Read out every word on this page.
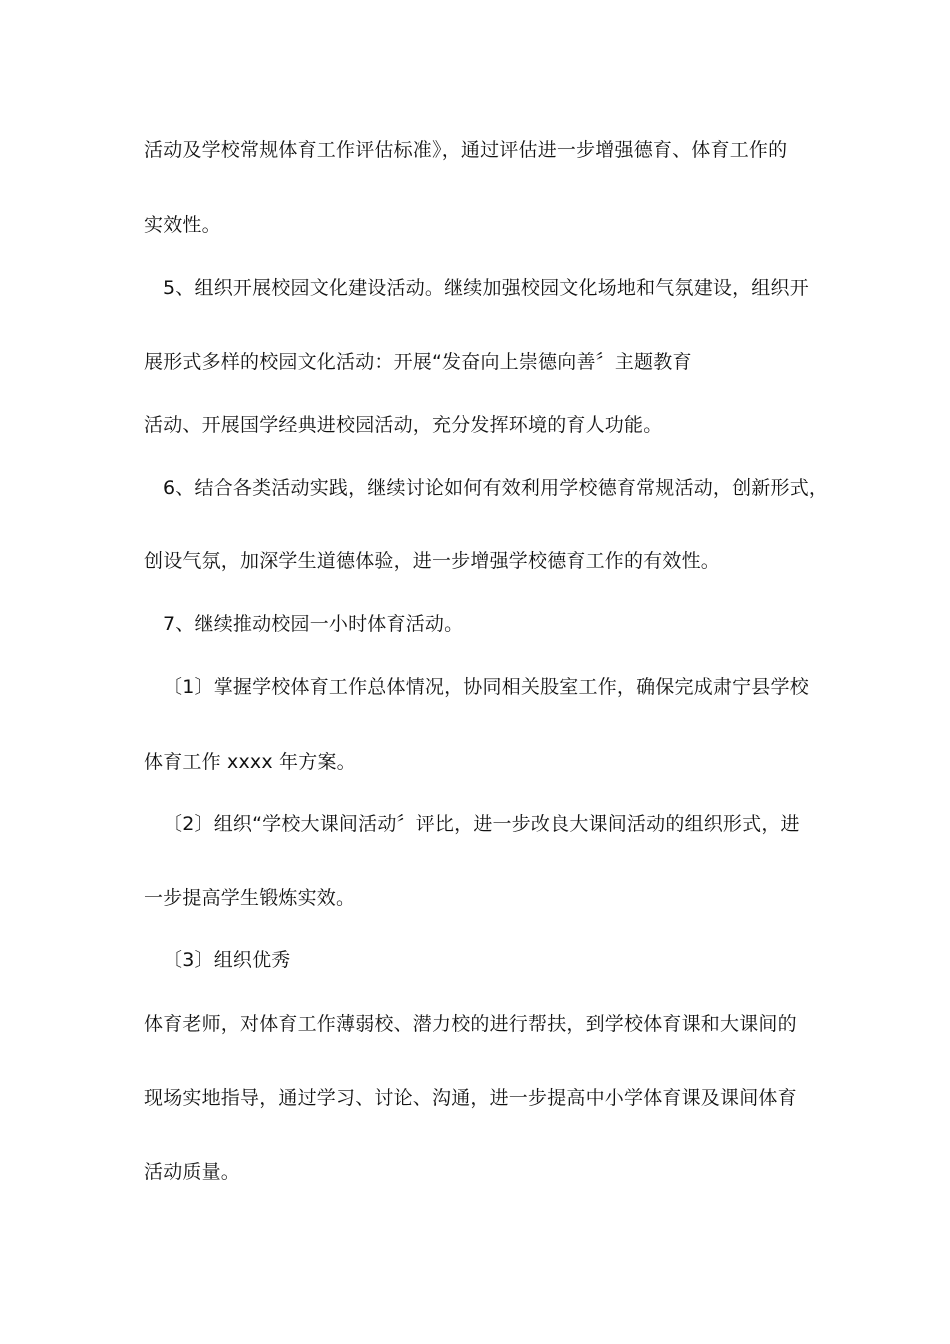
活动及学校常规体育工作评估标准》，通过评估进一步增强德育、体育工作的
实效性。
5、组织开展校园文化建设活动。继续加强校园文化场地和气氛建设，组织开
展形式多样的校园文化活动：开展“发奋向上崇德向善〞主题教育
活动、开展国学经典进校园活动，充分发挥环境的育人功能。
6、结合各类活动实践，继续讨论如何有效利用学校德育常规活动，创新形式，
创设气氛，加深学生道德体验，进一步增强学校德育工作的有效性。
7、继续推动校园一小时体育活动。
〔1〕掌握学校体育工作总体情况，协同相关股室工作，确保完成肃宁县学校
体育工作 xxxx 年方案。
〔2〕组织“学校大课间活动〞评比，进一步改良大课间活动的组织形式，进
一步提高学生锻炼实效。
〔3〕组织优秀
体育老师，对体育工作薄弱校、潜力校的进行帮扶，到学校体育课和大课间的
现场实地指导，通过学习、讨论、沟通，进一步提高中小学体育课及课间体育
活动质量。
